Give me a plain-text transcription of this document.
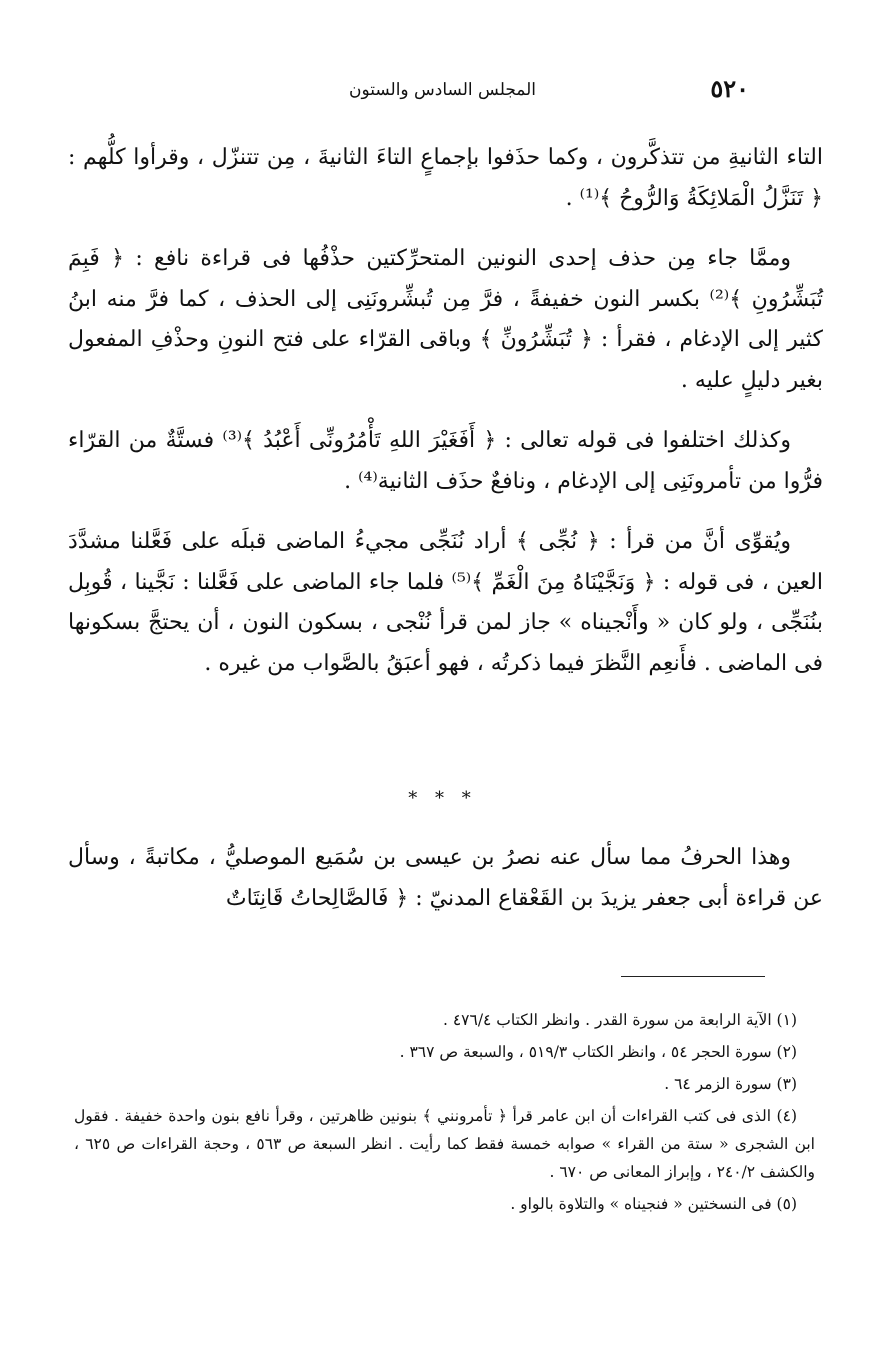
٥٢٠
المجلس السادس والستون

التاء الثانيةِ من تتذكَّرون ، وكما حذَفوا بإجماعٍ التاءَ الثانيةَ ، مِن تتنزّل ، وقرأوا كلُّهم : ﴿ تَنَزَّلُ الْمَلائِكَةُ وَالرُّوحُ ﴾⁽¹⁾ .

وممَّا جاء مِن حذف إحدى النونين المتحرِّكتين حذْفُها فى قراءة نافع : ﴿ فَبِمَ تُبَشِّرُونِ ﴾⁽²⁾ بكسر النون خفيفةً ، فرَّ مِن تُبشِّرونَنِى إلى الحذف ، كما فرَّ منه ابنُ كثير إلى الإدغام ، فقرأ : ﴿ تُبَشِّرُونِّ ﴾ وباقى القرّاء على فتح النونِ وحذْفِ المفعول بغير دليلٍ عليه .

وكذلك اختلفوا فى قوله تعالى : ﴿ أَفَغَيْرَ اللهِ تَأْمُرُونِّى أَعْبُدُ ﴾⁽³⁾ فستَّةٌ من القرّاء فرُّوا من تأمرونَنِى إلى الإدغام ، ونافعٌ حذَف الثانية⁽⁴⁾ .

ويُقوِّى أنَّ من قرأ : ﴿ نُجِّى ﴾ أراد نُنَجِّى مجيءُ الماضى قبلَه على فَعَّلنا مشدَّدَ العين ، فى قوله : ﴿ وَنَجَّيْنَاهُ مِنَ الْغَمِّ ﴾⁽⁵⁾ فلما جاء الماضى على فَعَّلنا : نَجَّينا ، قُوبِل بنُنَجِّى ، ولو كان « وأَنْجيناه » جاز لمن قرأ نُنْجى ، بسكون النون ، أن يحتجَّ بسكونها فى الماضى . فأَنعِم النَّظرَ فيما ذكرتُه ، فهو أعبَقُ بالصَّواب من غيره .

* * *

وهذا الحرفُ مما سأل عنه نصرُ بن عيسى بن سُمَيع الموصليُّ ، مكاتبةً ، وسأل عن قراءة أبى جعفر يزيدَ بن القَعْقاع المدنيّ : ﴿ فَالصَّالِحاتُ قَانِتَاتٌ

(١) الآية الرابعة من سورة القدر . وانظر الكتاب ٤٧٦/٤ .

(٢) سورة الحجر ٥٤ ، وانظر الكتاب ٥١٩/٣ ، والسبعة ص ٣٦٧ .

(٣) سورة الزمر ٦٤ .

(٤) الذى فى كتب القراءات أن ابن عامر قرأ ﴿ تأمرونني ﴾ بنونين ظاهرتين ، وقرأ نافع بنون واحدة خفيفة . فقول ابن الشجرى « ستة من القراء » صوابه خمسة فقط كما رأيت . انظر السبعة ص ٥٦٣ ، وحجة القراءات ص ٦٢٥ ، والكشف ٢٤٠/٢ ، وإبراز المعانى ص ٦٧٠ .

(٥) فى النسختين « فنجيناه » والتلاوة بالواو .
